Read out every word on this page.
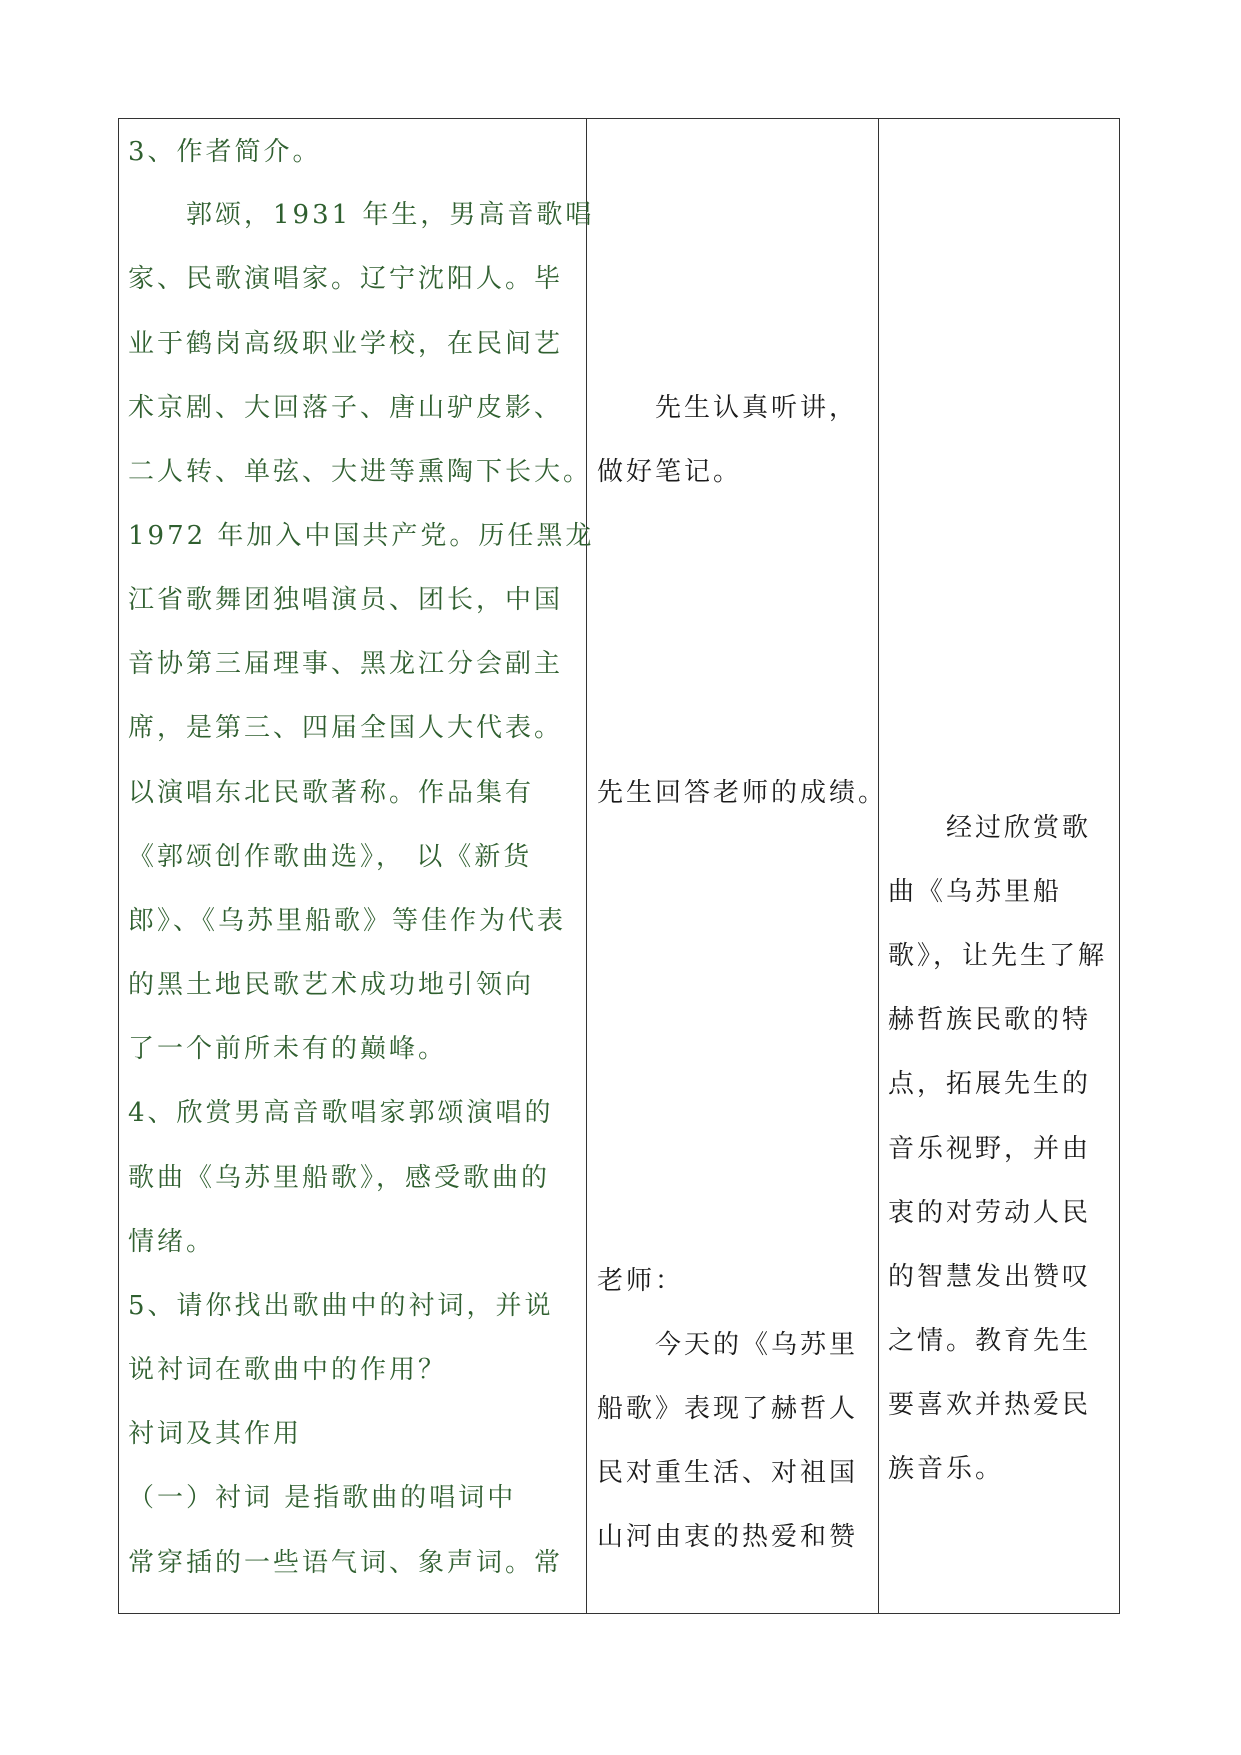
3、作者简介。
　　郭颂，1931 年生，男高音歌唱
家、民歌演唱家。辽宁沈阳人。毕
业于鹤岗高级职业学校，在民间艺
术京剧、大回落子、唐山驴皮影、
二人转、单弦、大进等熏陶下长大。
1972 年加入中国共产党。历任黑龙
江省歌舞团独唱演员、团长，中国
音协第三届理事、黑龙江分会副主
席，是第三、四届全国人大代表。
以演唱东北民歌著称。作品集有
《郭颂创作歌曲选》， 以《新货
郎》、《乌苏里船歌》等佳作为代表
的黑土地民歌艺术成功地引领向
了一个前所未有的巅峰。
4、欣赏男高音歌唱家郭颂演唱的
歌曲《乌苏里船歌》，感受歌曲的
情绪。
5、请你找出歌曲中的衬词，并说
说衬词在歌曲中的作用？
衬词及其作用
（一）衬词 是指歌曲的唱词中
常穿插的一些语气词、象声词。常
　　先生认真听讲，
做好笔记。
先生回答老师的成绩。
老师：
　　今天的《乌苏里
船歌》表现了赫哲人
民对重生活、对祖国
山河由衷的热爱和赞
　　经过欣赏歌
曲《乌苏里船
歌》，让先生了解
赫哲族民歌的特
点，拓展先生的
音乐视野，并由
衷的对劳动人民
的智慧发出赞叹
之情。教育先生
要喜欢并热爱民
族音乐。
